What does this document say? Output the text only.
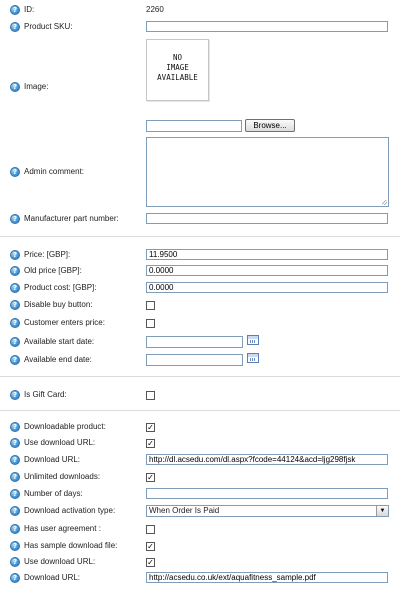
?
ID:	2260
?
Product SKU:
?
Image:
NO
IMAGE
AVAILABLE
Browse...
?
Admin comment:
?
Manufacturer part number:
?
Price: [GBP]:	11.9500
?
Old price [GBP]:	0.0000
?
Product cost: [GBP]:	0.0000
?
Disable buy button:
?
Customer enters price:
?
Available start date:
?
Available end date:
?
Is Gift Card:
?
Downloadable product:	✓
?
Use download URL:	✓
?
Download URL:	http://dl.acsedu.com/dl.aspx?fcode=44124&acd=ljg298fjsk
?
Unlimited downloads:	✓
?
Number of days:
?
Download activation type:	When Order Is Paid	▼
?
Has user agreement :
?
Has sample download file:	✓
?
Use download URL:	✓
?
Download URL:	http://acsedu.co.uk/ext/aquafitness_sample.pdf
